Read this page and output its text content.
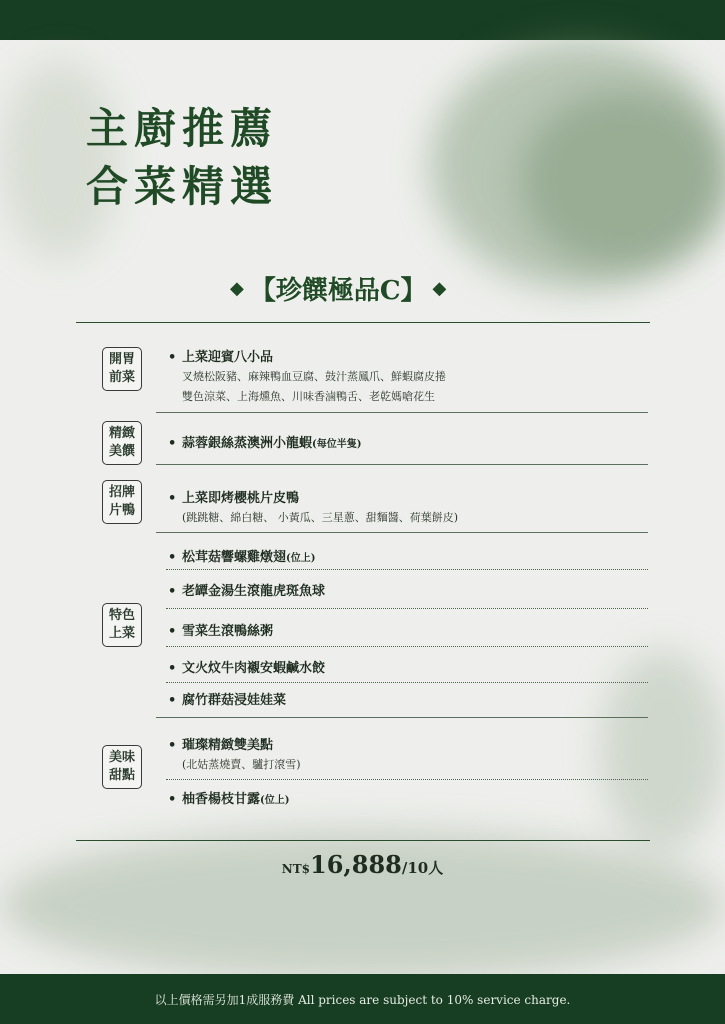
主廚推薦
合菜精選
◆ 【珍饌極品C】 ◆
開胃
前菜
• 上菜迎賓八小品
叉燒松阪豬、麻辣鴨血豆腐、鼓汁蒸鳳爪、鮮蝦腐皮捲
雙色涼菜、上海燻魚、川味香滷鴨舌、老乾媽嗆花生
精緻
美饌
• 蒜蓉銀絲蒸澳洲小龍蝦(每位半隻)
招牌
片鴨
• 上菜即烤櫻桃片皮鴨
(跳跳糖、綿白糖、 小黃瓜、三星蔥、甜麵醬、荷葉餅皮)
特色
上菜
• 松茸菇響螺雞燉翅(位上)
• 老罈金湯生滾龍虎斑魚球
• 雪菜生滾鴨絲粥
• 文火炆牛肉襯安蝦鹹水餃
• 腐竹群菇浸娃娃菜
美味
甜點
• 璀璨精緻雙美點
(北姑蒸燒賣、驢打滾雪)
• 柚香楊枝甘露(位上)
NT$16,888/10人
以上價格需另加1成服務費 All prices are subject to 10% service charge.
